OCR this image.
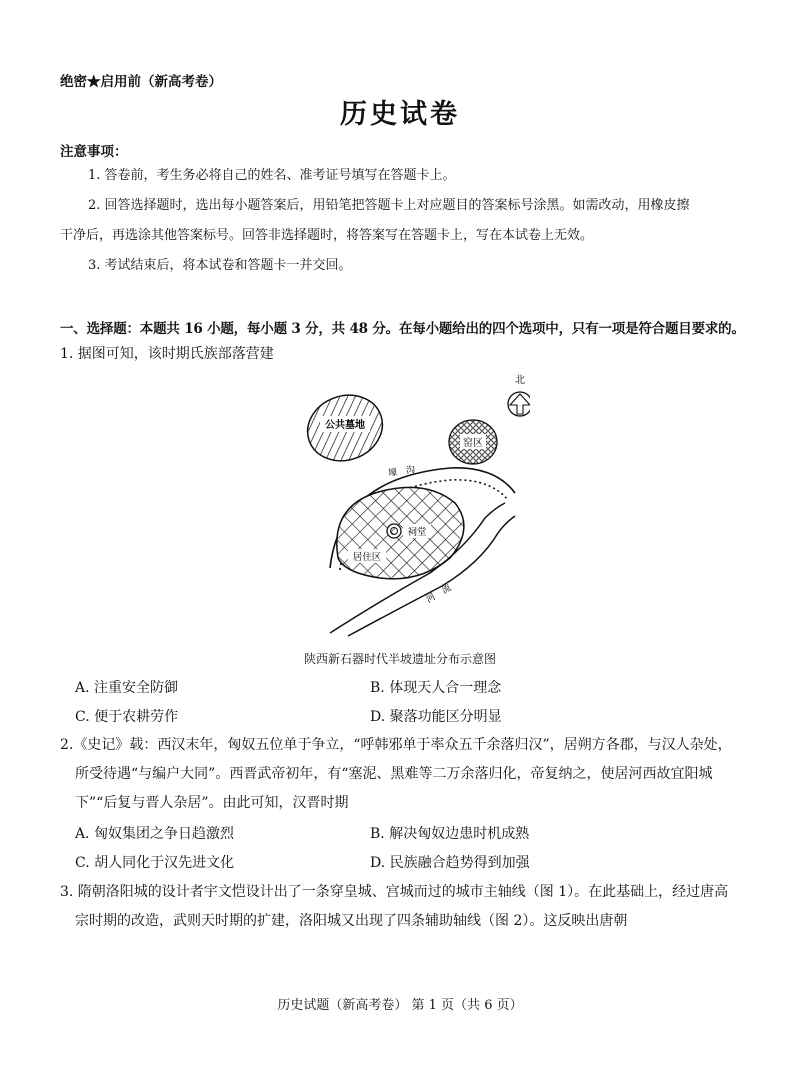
绝密★启用前（新高考卷）
历史试卷
注意事项：
1. 答卷前，考生务必将自己的姓名、准考证号填写在答题卡上。
2. 回答选择题时，选出每小题答案后，用铅笔把答题卡上对应题目的答案标号涂黑。如需改动，用橡皮擦
干净后，再选涂其他答案标号。回答非选择题时，将答案写在答题卡上，写在本试卷上无效。
3. 考试结束后，将本试卷和答题卡一并交回。
一、选择题：本题共 16 小题，每小题 3 分，共 48 分。在每小题给出的四个选项中，只有一项是符合题目要求的。
1. 据图可知，该时期氏族部落营建
北
公共墓地
窑区
壕　沟
祠堂
居住区
河　流
陕西新石器时代半坡遗址分布示意图
A. 注重安全防御	B. 体现天人合一理念
C. 便于农耕劳作	D. 聚落功能区分明显
2.《史记》载：西汉末年，匈奴五位单于争立，“呼韩邪单于率众五千余落归汉”，居朔方各郡，与汉人杂处，
所受待遇“与编户大同”。西晋武帝初年，有“塞泥、黑难等二万余落归化，帝复纳之，使居河西故宜阳城
下”“后复与晋人杂居”。由此可知，汉晋时期
A. 匈奴集团之争日趋激烈	B. 解决匈奴边患时机成熟
C. 胡人同化于汉先进文化	D. 民族融合趋势得到加强
3. 隋朝洛阳城的设计者宇文恺设计出了一条穿皇城、宫城而过的城市主轴线（图 1）。在此基础上，经过唐高
宗时期的改造，武则天时期的扩建，洛阳城又出现了四条辅助轴线（图 2）。这反映出唐朝
历史试题（新高考卷） 第 1 页（共 6 页）
